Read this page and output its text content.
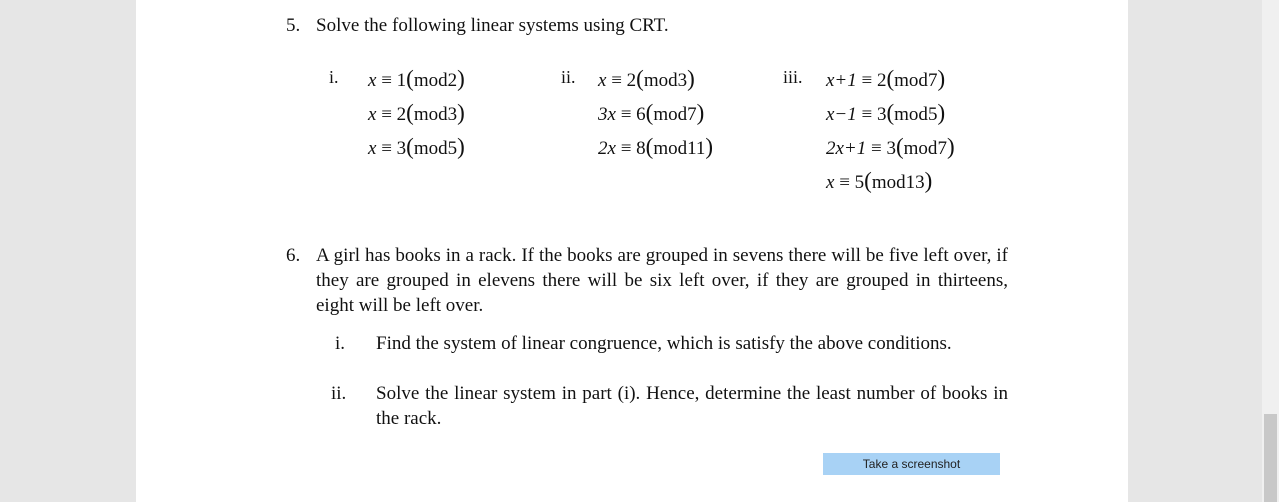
5. Solve the following linear systems using CRT.
i. x ≡ 1(mod2)
x ≡ 2(mod3)
x ≡ 3(mod5)
ii. x ≡ 2(mod3)
3x ≡ 6(mod7)
2x ≡ 8(mod11)
iii. x+1 ≡ 2(mod7)
x−1 ≡ 3(mod5)
2x+1 ≡ 3(mod7)
x ≡ 5(mod13)
6. A girl has books in a rack. If the books are grouped in sevens there will be five left over, if they are grouped in elevens there will be six left over, if they are grouped in thirteens, eight will be left over.
i. Find the system of linear congruence, which is satisfy the above conditions.
ii. Solve the linear system in part (i). Hence, determine the least number of books in the rack.
Take a screenshot
